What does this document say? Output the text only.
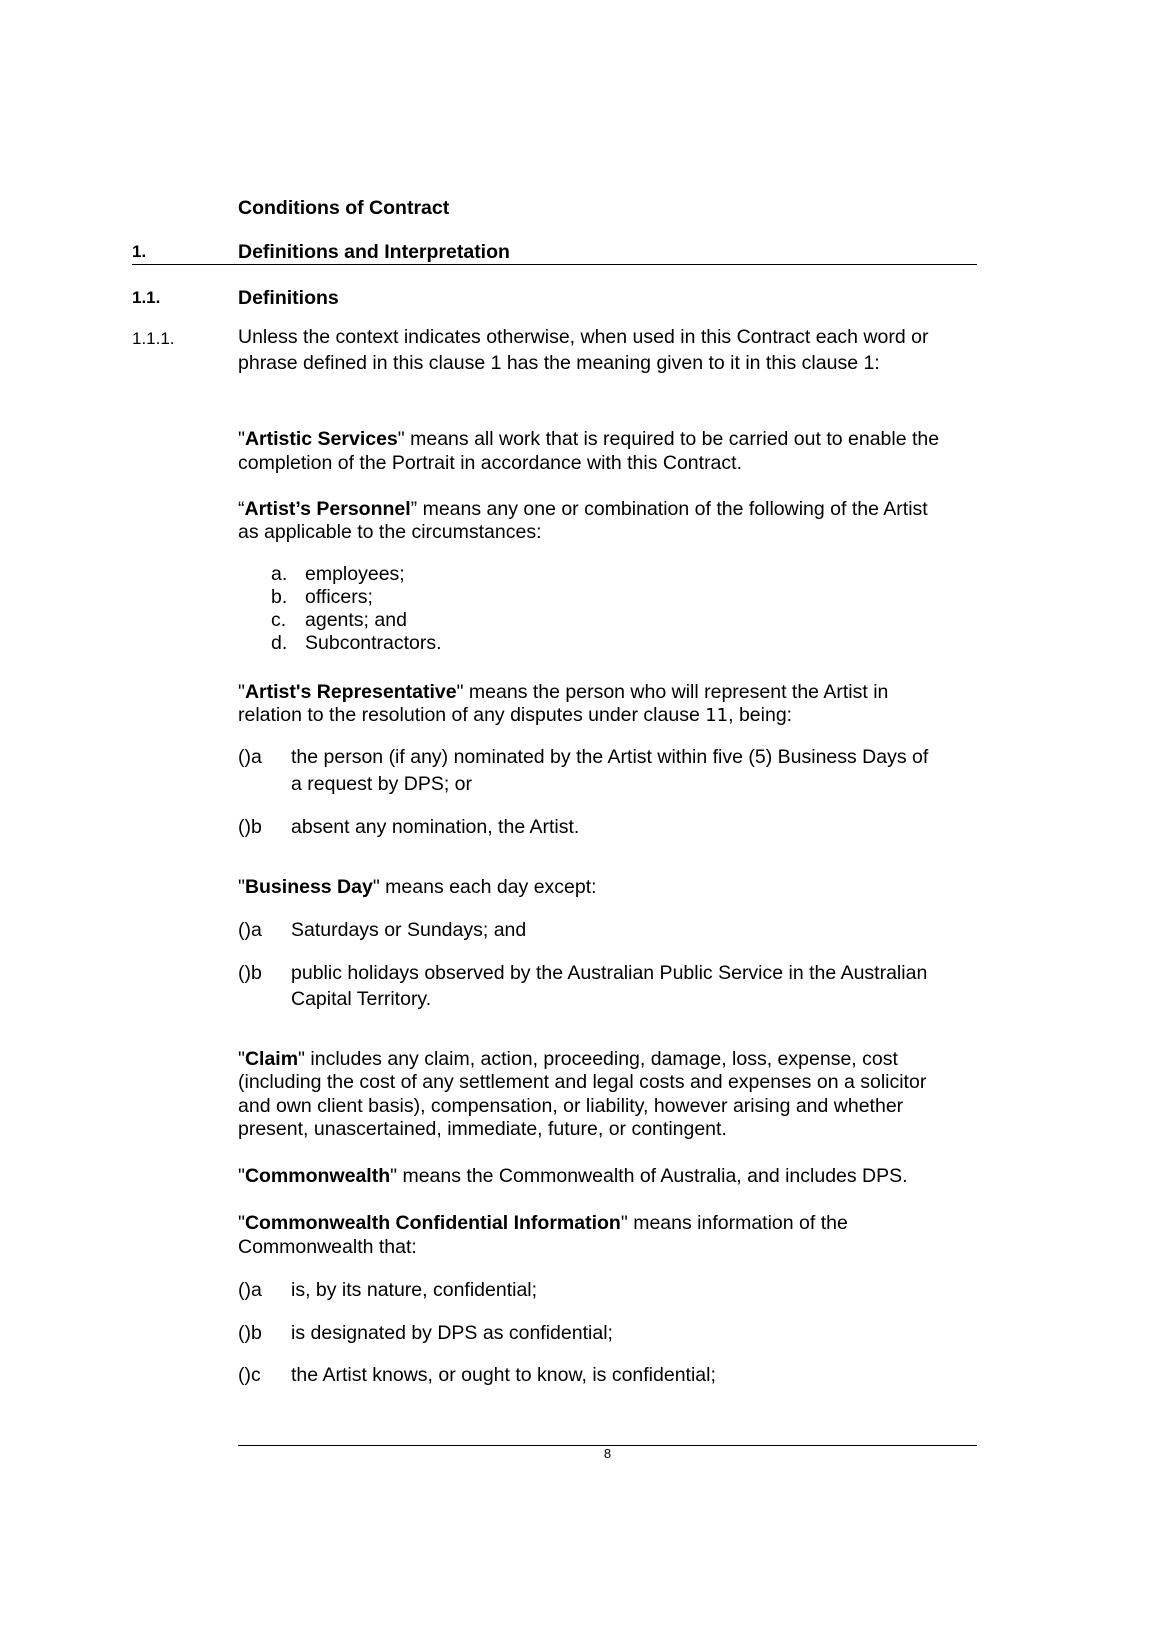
Conditions of Contract
1.	Definitions and Interpretation
1.1.	Definitions
1.1.1.	Unless the context indicates otherwise, when used in this Contract each word or
phrase defined in this clause 1 has the meaning given to it in this clause 1:
"Artistic Services" means all work that is required to be carried out to enable the
completion of the Portrait in accordance with this Contract.
“Artist’s Personnel” means any one or combination of the following of the Artist
as applicable to the circumstances:
a. employees;
b. officers;
c. agents; and
d. Subcontractors.
"Artist's Representative" means the person who will represent the Artist in
relation to the resolution of any disputes under clause 11, being:
()a the person (if any) nominated by the Artist within five (5) Business Days of
a request by DPS; or
()b absent any nomination, the Artist.
"Business Day" means each day except:
()a Saturdays or Sundays; and
()b public holidays observed by the Australian Public Service in the Australian
Capital Territory.
"Claim" includes any claim, action, proceeding, damage, loss, expense, cost
(including the cost of any settlement and legal costs and expenses on a solicitor
and own client basis), compensation, or liability, however arising and whether
present, unascertained, immediate, future, or contingent.
"Commonwealth" means the Commonwealth of Australia, and includes DPS.
"Commonwealth Confidential Information" means information of the
Commonwealth that:
()a is, by its nature, confidential;
()b is designated by DPS as confidential;
()c the Artist knows, or ought to know, is confidential;
8
